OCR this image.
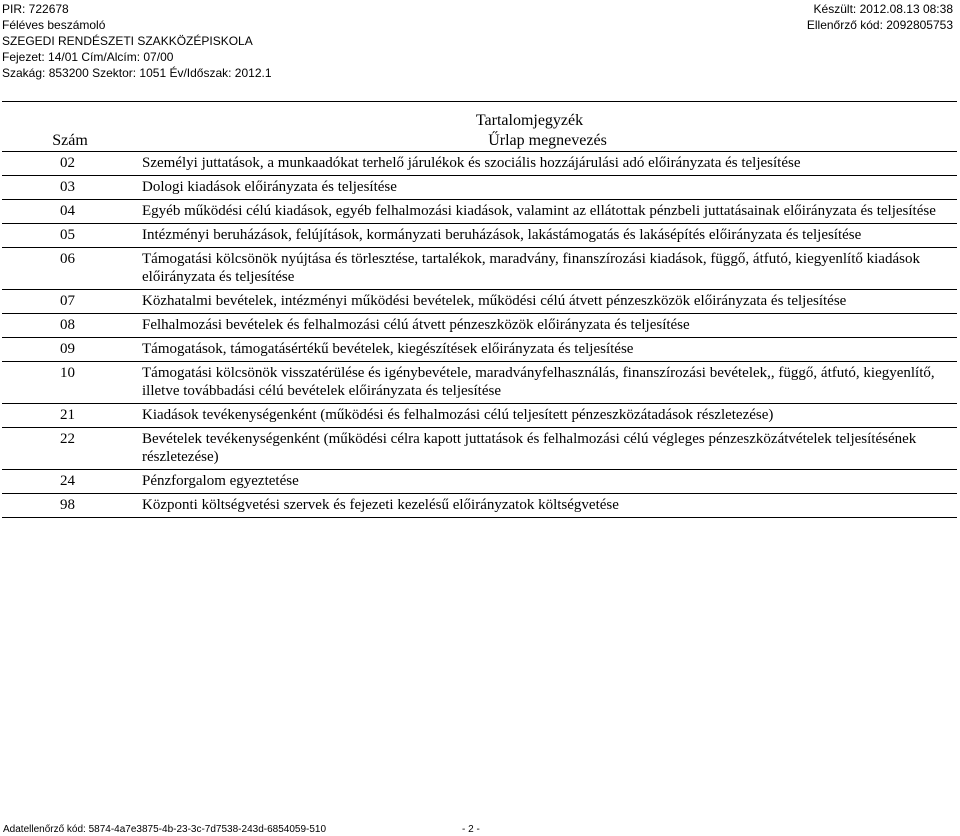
PIR: 722678
Féléves beszámoló
SZEGEDI RENDÉSZETI SZAKKÖZÉPISKOLA
Fejezet: 14/01 Cím/Alcím: 07/00
Szakág: 853200 Szektor: 1051 Év/Időszak: 2012.1
Készült: 2012.08.13 08:38
Ellenőrző kód: 2092805753
Tartalomjegyzék	
Szám	Űrlap megnevezés
02	Személyi juttatások, a munkaadókat terhelő járulékok és szociális hozzájárulási adó előirányzata és teljesítése
03	Dologi kiadások előirányzata és teljesítése
04	Egyéb működési célú kiadások, egyéb felhalmozási kiadások, valamint az ellátottak pénzbeli juttatásainak előirányzata és teljesítése
05	Intézményi beruházások, felújítások, kormányzati beruházások, lakástámogatás és lakásépítés előirányzata és teljesítése
06	Támogatási kölcsönök nyújtása és törlesztése, tartalékok, maradvány, finanszírozási kiadások, függő, átfutó, kiegyenlítő kiadások előirányzata és teljesítése
07	Közhatalmi bevételek, intézményi működési bevételek, működési célú átvett pénzeszközök előirányzata és teljesítése
08	Felhalmozási bevételek és felhalmozási célú átvett pénzeszközök előirányzata és teljesítése
09	Támogatások, támogatásértékű bevételek, kiegészítések előirányzata és teljesítése
10	Támogatási kölcsönök visszatérülése és igénybevétele, maradványfelhasználás, finanszírozási bevételek,, függő, átfutó, kiegyenlítő, illetve továbbadási célú bevételek előirányzata és teljesítése
21	Kiadások tevékenységenként (működési és felhalmozási célú teljesített pénzeszközátadások részletezése)
22	Bevételek tevékenységenként (működési célra kapott juttatások és felhalmozási célú végleges pénzeszközátvételek teljesítésének részletezése)
24	Pénzforgalom egyeztetése
98	Központi költségvetési szervek és fejezeti kezelésű előirányzatok költségvetése
Adatellenőrző kód: 5874-4a7e3875-4b-23-3c-7d7538-243d-6854059-510	- 2 -
